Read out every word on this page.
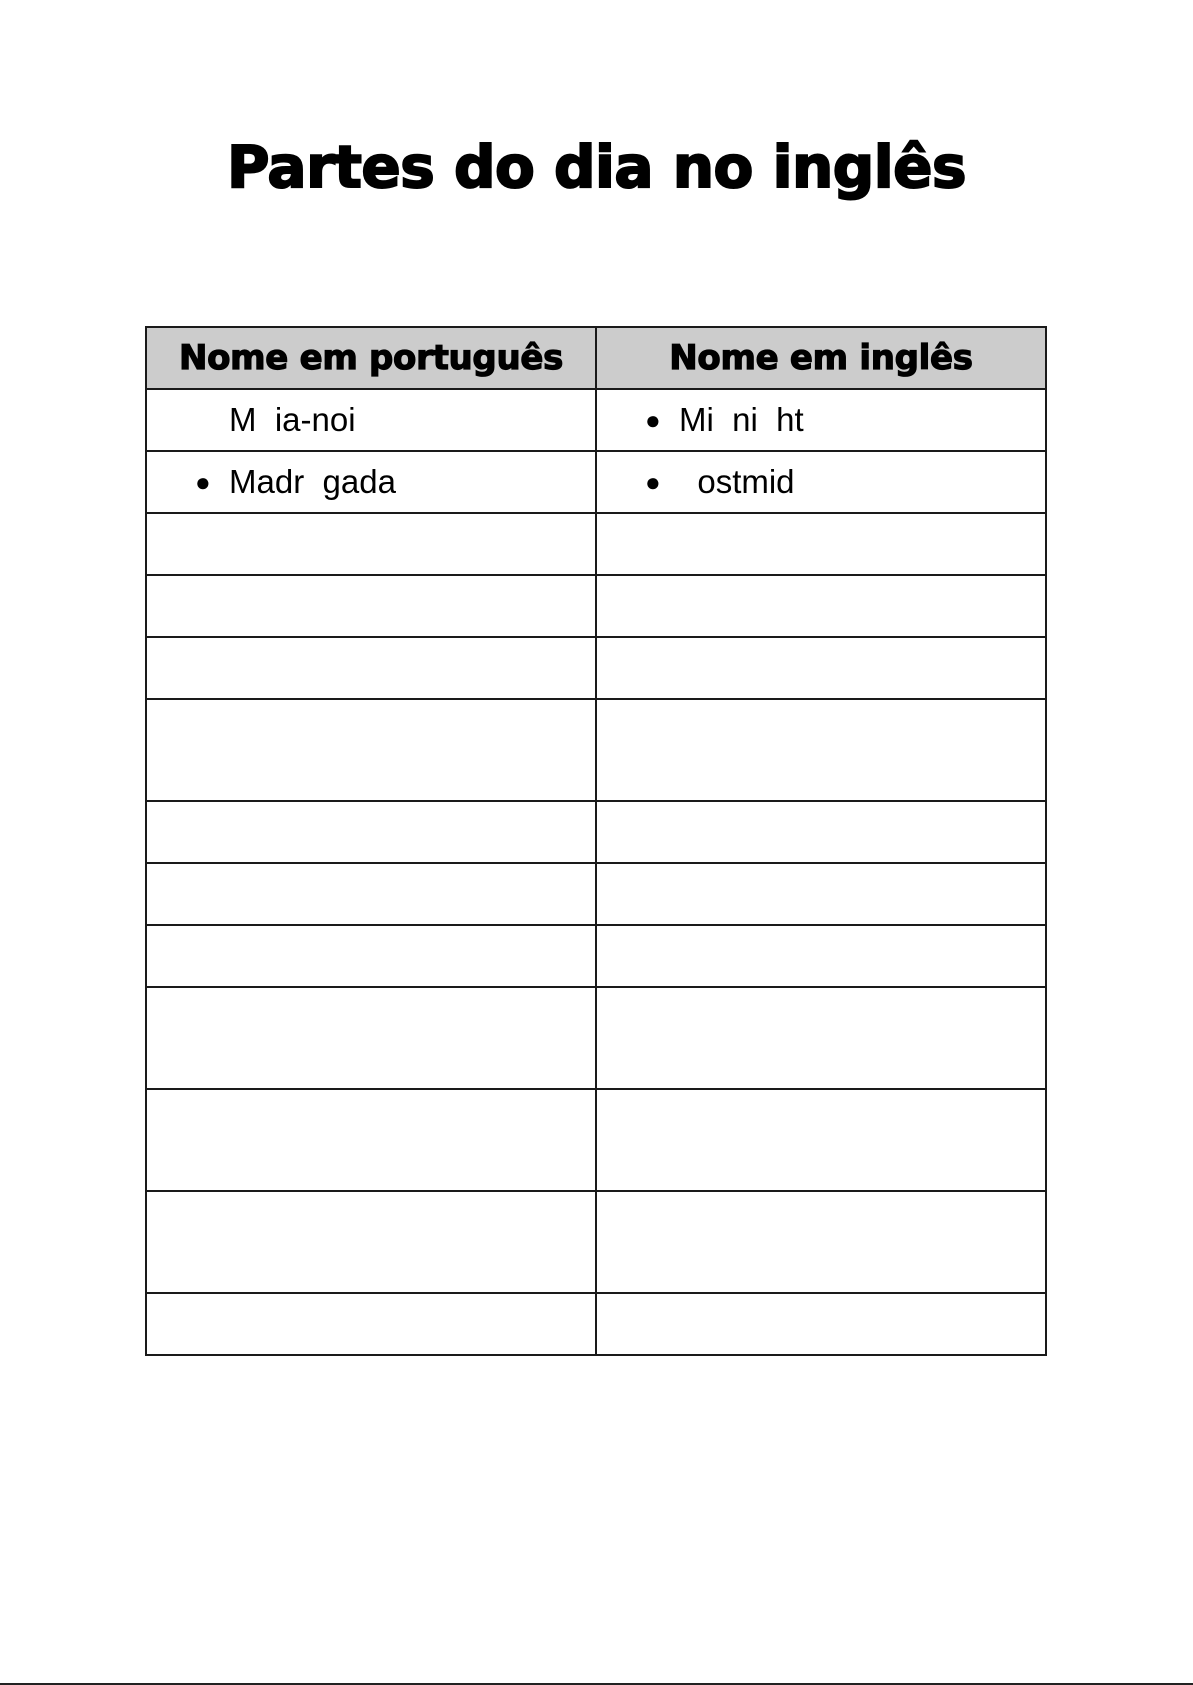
Partes do dia no inglês
Nome em português	Nome em inglês

M  ia-noi	● Mi  ni  ht

● Madr  gada	● ostmid
